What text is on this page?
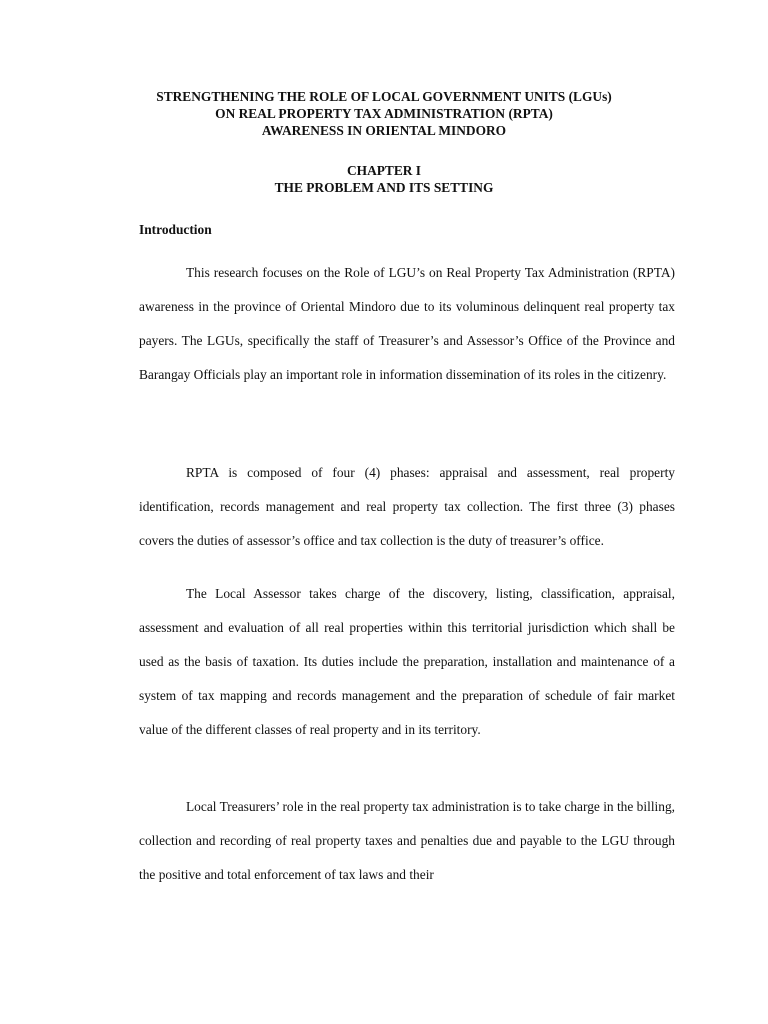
STRENGTHENING THE ROLE OF LOCAL GOVERNMENT UNITS (LGUs)
ON REAL PROPERTY TAX ADMINISTRATION (RPTA)
AWARENESS IN ORIENTAL MINDORO
CHAPTER I
THE PROBLEM AND ITS SETTING
Introduction

This research focuses on the Role of LGU’s on Real Property Tax Administration (RPTA) awareness in the province of Oriental Mindoro due to its voluminous delinquent real property tax payers. The LGUs, specifically the staff of Treasurer’s and Assessor’s Office of the Province and Barangay Officials play an important role in information dissemination of its roles in the citizenry.

RPTA is composed of four (4) phases: appraisal and assessment, real property identification, records management and real property tax collection. The first three (3) phases covers the duties of assessor’s office and tax collection is the duty of treasurer’s office.

The Local Assessor takes charge of the discovery, listing, classification, appraisal, assessment and evaluation of all real properties within this territorial jurisdiction which shall be used as the basis of taxation. Its duties include the preparation, installation and maintenance of a system of tax mapping and records management and the preparation of schedule of fair market value of the different classes of real property and in its territory.

Local Treasurers’ role in the real property tax administration is to take charge in the billing, collection and recording of real property taxes and penalties due and payable to the LGU through the positive and total enforcement of tax laws and their
